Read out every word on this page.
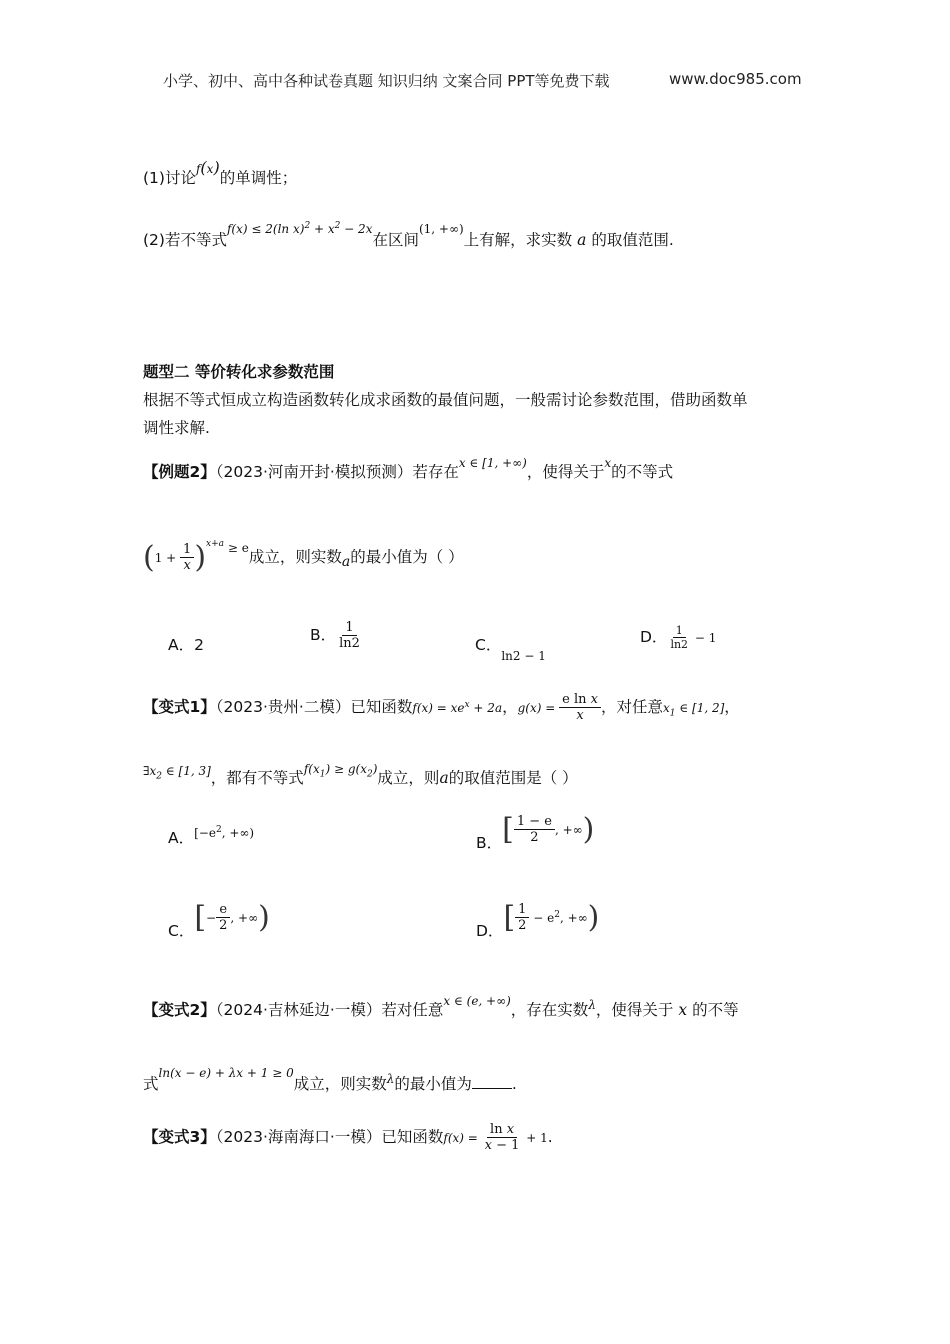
小学、初中、高中各种试卷真题 知识归纳 文案合同 PPT等免费下载	www.doc985.com
(1)讨论$^{f(x)}$的单调性；
(2)若不等式$^{f(x) \le 2(ln x)^2 + x^2 - 2x}$在区间$^{(1, +\infty)}$上有解，求实数 a 的取值范围.
题型二 等价转化求参数范围
根据不等式恒成立构造函数转化成求函数的最值问题，一般需讨论参数范围，借助函数单
调性求解.
【例题2】（2023·河南开封·模拟预测）若存在$^{x \in [1, +\infty)}$，使得关于$^x$的不等式
$(1 + \frac{1}{x} )^{x+a}$ $^{\ge e}$成立，则实数a的最小值为（ ）
A．2
B． $\frac{1}{\ln 2}$	C．$_{ln2 - 1}$
D． $\frac{1}{\ln 2} - 1$
【变式1】（2023·贵州·二模）已知函数$f(x) = xe^x + 2a$，$g(x) = \frac{\text{e ln x}}{x}$ ，对任意$x_1$ ∈ [1, 2]，
$^{\exists x_2 \in [1, 3]}$，都有不等式$^{f(x_1) \ge g(x_2)}$成立，则a的取值范围是（ ）
A．$^{[-e^2, +\infty)}$
B．[ $\frac{1 - e}{2}$ , +∞)
C．[− $\frac{e}{2}$ , +∞)	D．[ $\frac{1}{2} - e^2$, +∞)
【变式2】（2024·吉林延边·一模）若对任意$^{x \in (e, +\infty)}$，存在实数$^\lambda$，使得关于 x 的不等
式$^{ln(x - e) + \lambda x + 1 \ge 0}$成立，则实数$^\lambda$的最小值为	.
【变式3】（2023·海南海口·一模）已知函数$f(x) = \frac{\text{ln x}}{x - 1} + 1$.
